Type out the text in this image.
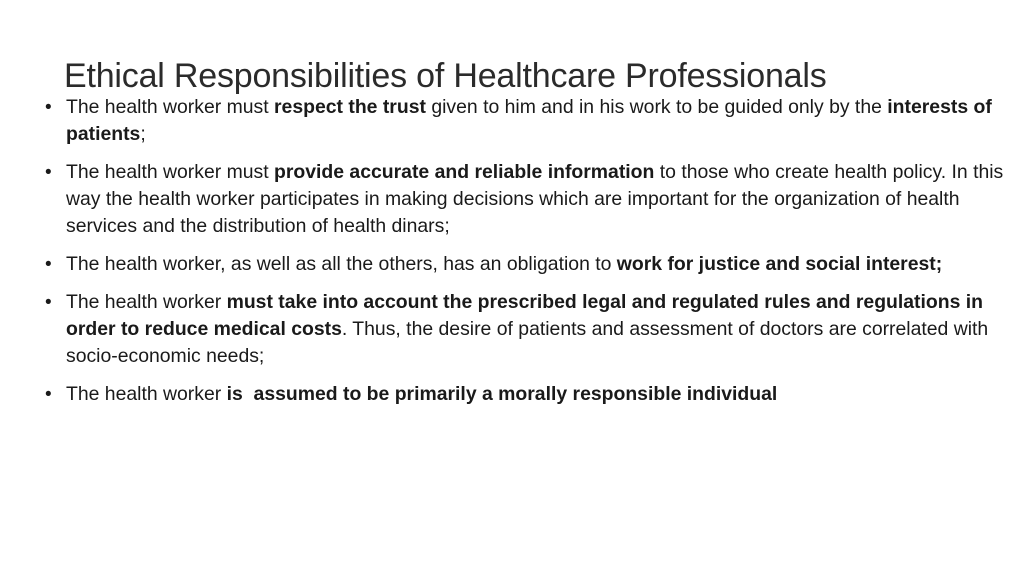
Ethical Responsibilities of Healthcare Professionals
• The health worker must respect the trust given to him and in his work to be guided only by the interests of patients;
• The health worker must provide accurate and reliable information to those who create health policy. In this way the health worker participates in making decisions which are important for the organization of health services and the distribution of health dinars;
• The health worker, as well as all the others, has an obligation to work for justice and social interest;
• The health worker must take into account the prescribed legal and regulated rules and regulations in order to reduce medical costs. Thus, the desire of patients and assessment of doctors are correlated with socio-economic needs;
• The health worker is  assumed to be primarily a morally responsible individual
